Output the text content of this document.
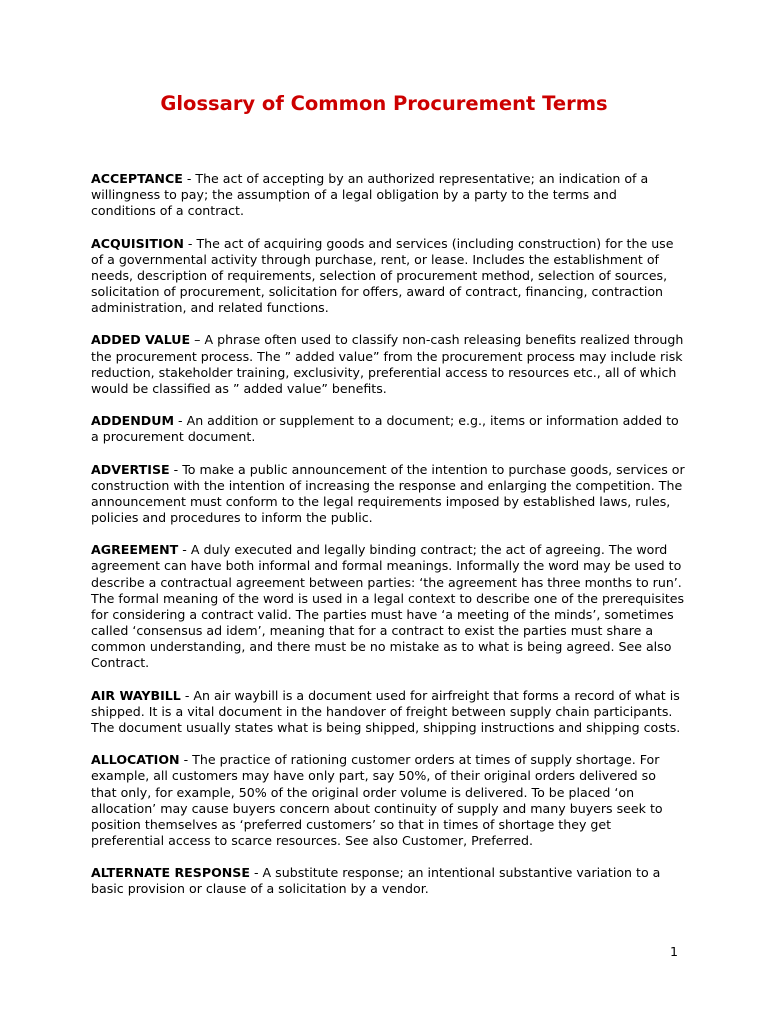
Glossary of Common Procurement Terms

ACCEPTANCE - The act of accepting by an authorized representative; an indication of a willingness to pay; the assumption of a legal obligation by a party to the terms and conditions of a contract.

ACQUISITION - The act of acquiring goods and services (including construction) for the use of a governmental activity through purchase, rent, or lease. Includes the establishment of needs, description of requirements, selection of procurement method, selection of sources, solicitation of procurement, solicitation for offers, award of contract, financing, contraction administration, and related functions.

ADDED VALUE – A phrase often used to classify non-cash releasing benefits realized through the procurement process. The ” added value” from the procurement process may include risk reduction, stakeholder training, exclusivity, preferential access to resources etc., all of which would be classified as ” added value” benefits.

ADDENDUM - An addition or supplement to a document; e.g., items or information added to a procurement document.

ADVERTISE - To make a public announcement of the intention to purchase goods, services or construction with the intention of increasing the response and enlarging the competition. The announcement must conform to the legal requirements imposed by established laws, rules, policies and procedures to inform the public.

AGREEMENT - A duly executed and legally binding contract; the act of agreeing. The word agreement can have both informal and formal meanings. Informally the word may be used to describe a contractual agreement between parties: ‘the agreement has three months to run’. The formal meaning of the word is used in a legal context to describe one of the prerequisites for considering a contract valid. The parties must have ‘a meeting of the minds’, sometimes called ‘consensus ad idem’, meaning that for a contract to exist the parties must share a common understanding, and there must be no mistake as to what is being agreed. See also Contract.

AIR WAYBILL - An air waybill is a document used for airfreight that forms a record of what is shipped. It is a vital document in the handover of freight between supply chain participants. The document usually states what is being shipped, shipping instructions and shipping costs.

ALLOCATION - The practice of rationing customer orders at times of supply shortage. For example, all customers may have only part, say 50%, of their original orders delivered so that only, for example, 50% of the original order volume is delivered. To be placed ‘on allocation’ may cause buyers concern about continuity of supply and many buyers seek to position themselves as ‘preferred customers’ so that in times of shortage they get preferential access to scarce resources. See also Customer, Preferred.

ALTERNATE RESPONSE - A substitute response; an intentional substantive variation to a basic provision or clause of a solicitation by a vendor.

1
